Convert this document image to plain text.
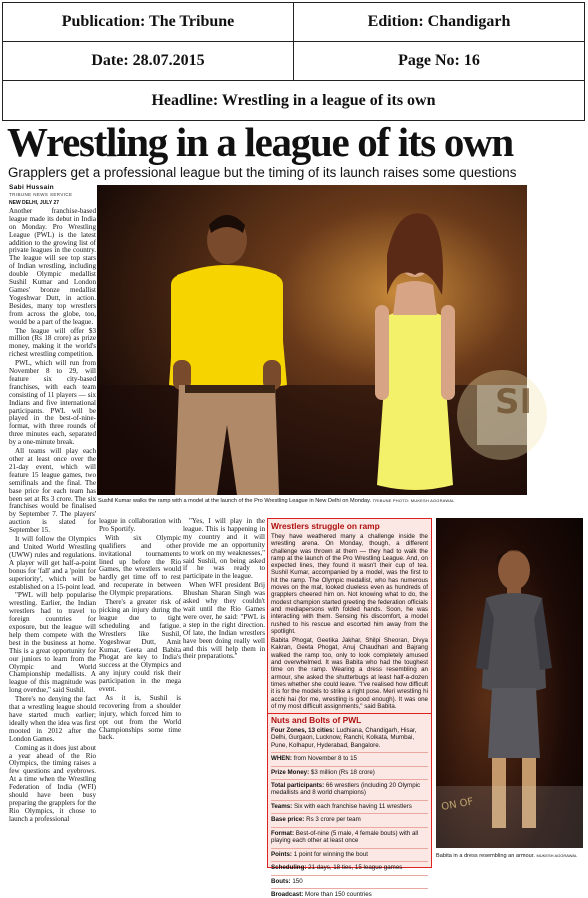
Publication: The Tribune	Edition: Chandigarh
Date: 28.07.2015	Page No: 16
Headline: Wrestling in a league of its own
Wrestling in a league of its own
Grapplers get a professional league but the timing of its launch raises some questions
Sabi Hussain
TRIBUNE NEWS SERVICE

NEW DELHI, JULY 27
Another franchise-based league made its debut in India on Monday. Pro Wrestling League (PWL) is the latest addition to the growing list of private leagues in the country. The league will see top stars of Indian wrestling, including double Olympic medallist Sushil Kumar and London Games' bronze medallist Yogeshwar Dutt, in action. Besides, many top wrestlers from across the globe, too, would be a part of the league.

The league will offer $3 million (Rs 18 crore) as prize money, making it the world's richest wrestling competition.

PWL, which will run from November 8 to 29, will feature six city-based franchises, with each team consisting of 11 players — six Indians and five international participants. PWL will be played in the best-of-nine-format, with three rounds of three minutes each, separated by a one-minute break.

All teams will play each other at least once over the 21-day event, which will feature 15 league games, two semifinals and the final. The base price for each team has been set at Rs 3 crore. The six franchises would be finalised by September 7. The players' auction is slated for September 15.

It will follow the Olympics and United World Wrestling (UWW) rules and regulations. A player will get half-a-point bonus for 'fall' and a 'point for superiority', which will be established on a 15-point lead.

"PWL will help popularise wrestling. Earlier, the Indian wrestlers had to travel to foreign countries for exposure, but the league will help them compete with the best in the business at home. This is a great opportunity for our juniors to learn from the Olympic and World Championship medallists. A league of this magnitude was long overdue," said Sushil.

There's no denying the fact that a wrestling league should have started much earlier; ideally when the idea was first mooted in 2012 after the London Games.

Coming as it does just about a year ahead of the Rio Olympics, the timing raises a few questions and eyebrows. At a time when the Wrestling Federation of India (WFI) should have been busy preparing the grapplers for the Rio Olympics, it chose to launch a professional

SI
Sushil Kumar walks the ramp with a model at the launch of the Pro Wrestling League in New Delhi on Monday. TRIBUNE PHOTO: MUKESH AGGRAWAL

league in collaboration with Pro Sportify.

With six Olympic qualifiers and other invitational tournaments lined up before the Rio Games, the wrestlers would hardly get time off to rest and recuperate in between the Olympic preparations.

There's a greater risk of picking an injury during the league due to tight scheduling and fatigue. Wrestlers like Sushil, Yogeshwar Dutt, Amit Kumar, Geeta and Babita Phogat are key to India's success at the Olympics and any injury could risk their participation in the mega event.

As it is, Sushil is recovering from a shoulder injury, which forced him to opt out from the World Championships some time back.

"Yes, I will play in the league. This is happening in my country and it will provide me an opportunity to work on my weaknesses," said Sushil, on being asked if he was ready to participate in the league.

When WFI president Brij Bhushan Sharan Singh was asked why they couldn't wait until the Rio Games were over, he said: "PWL is a step in the right direction. Of late, the Indian wrestlers have been doing really well and this will help them in their preparations."

Wrestlers struggle on ramp

They have weathered many a challenge inside the wrestling arena. On Monday, though, a different challenge was thrown at them — they had to walk the ramp at the launch of the Pro Wrestling League. And, on expected lines, they found it wasn't their cup of tea. Sushil Kumar, accompanied by a model, was the first to hit the ramp. The Olympic medallist, who has numerous moves on the mat, looked clueless even as hundreds of grapplers cheered him on. Not knowing what to do, the modest champion started greeting the federation officials and mediapersons with folded hands. Soon, he was interacting with them. Sensing his discomfort, a model rushed to his rescue and escorted him away from the spotlight.

Babita Phogat, Geetika Jakhar, Shilpi Sheoran, Divya Kakran, Geeta Phogat, Anuj Chaudhari and Bajrang walked the ramp too, only to look completely amused and overwhelmed. It was Babita who had the toughest time on the ramp. Wearing a dress resembling an armour, she asked the shutterbugs at least half-a-dozen times whether she could leave. "I've realised how difficult it is for the models to strike a right pose. Meri wrestling hi acchi hai (for me, wrestling is good enough). It was one of my most difficult assignments," said Babita.

Nuts and Bolts of PWL
Four Zones, 13 cities: Ludhiana, Chandigarh, Hisar, Delhi, Gurgaon, Lucknow, Ranchi, Kolkata, Mumbai, Pune, Kolhapur, Hyderabad, Bangalore.
WHEN: from November 8 to 15
Prize Money: $3 million (Rs 18 crore)
Total participants: 66 wrestlers (including 20 Olympic medallists and 8 world champions)
Teams: Six with each franchise having 11 wrestlers
Base price: Rs 3 crore per team
Format: Best-of-nine (5 male, 4 female bouts) with all playing each other at least once
Points: 1 point for winning the bout
Scheduling: 21 days, 18 ties, 15 league games
Bouts: 150
Broadcast: More than 150 countries
ON OF
Babita in a dress resembling an armour. MUKESH AGGRAWAL
